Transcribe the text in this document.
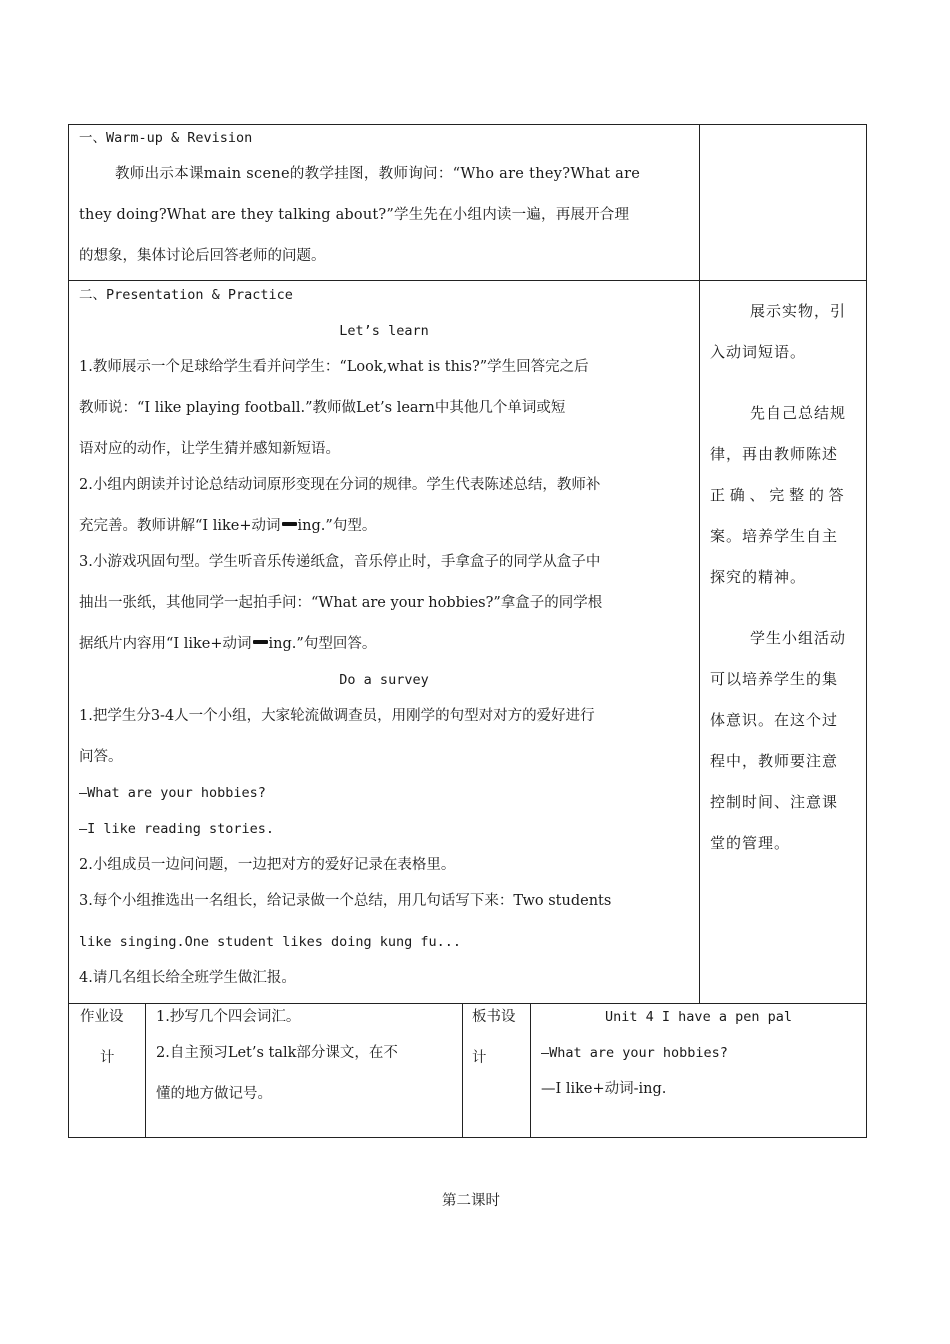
一、Warm-up & Revision
教师出示本课main scene的教学挂图，教师询问：“Who are they?What are
they doing?What are they talking about?”学生先在小组内读一遍，再展开合理
的想象，集体讨论后回答老师的问题。
二、Presentation & Practice
Let’s learn
1.教师展示一个足球给学生看并问学生：“Look,what is this?”学生回答完之后
教师说：“I like playing football.”教师做Let’s learn中其他几个单词或短
语对应的动作，让学生猜并感知新短语。
2.小组内朗读并讨论总结动词原形变现在分词的规律。学生代表陈述总结，教师补
充完善。教师讲解“I like+动词 ing.”句型。
3.小游戏巩固句型。学生听音乐传递纸盒，音乐停止时，手拿盒子的同学从盒子中
抽出一张纸，其他同学一起拍手问：“What are your hobbies?”拿盒子的同学根
据纸片内容用“I like+动词 ing.”句型回答。
Do a survey
1.把学生分3-4人一个小组，大家轮流做调查员，用刚学的句型对对方的爱好进行
问答。
—What are your hobbies?
—I like reading stories.
2.小组成员一边问问题，一边把对方的爱好记录在表格里。
3.每个小组推选出一名组长，给记录做一个总结，用几句话写下来：Two students
like singing.One student likes doing kung fu...
4.请几名组长给全班学生做汇报。
展示实物，引
入动词短语。
先自己总结规
律，再由教师陈述
正 确 、 完 整 的 答
案。培养学生自主
探究的精神。
学生小组活动
可以培养学生的集
体意识。在这个过
程中，教师要注意
控制时间、注意课
堂的管理。
作业设
计
1.抄写几个四会词汇。
2.自主预习Let’s talk部分课文，在不
懂的地方做记号。
板书设
计
Unit 4 I have a pen pal
—What are your hobbies?
—I like+动词-ing.
第二课时
